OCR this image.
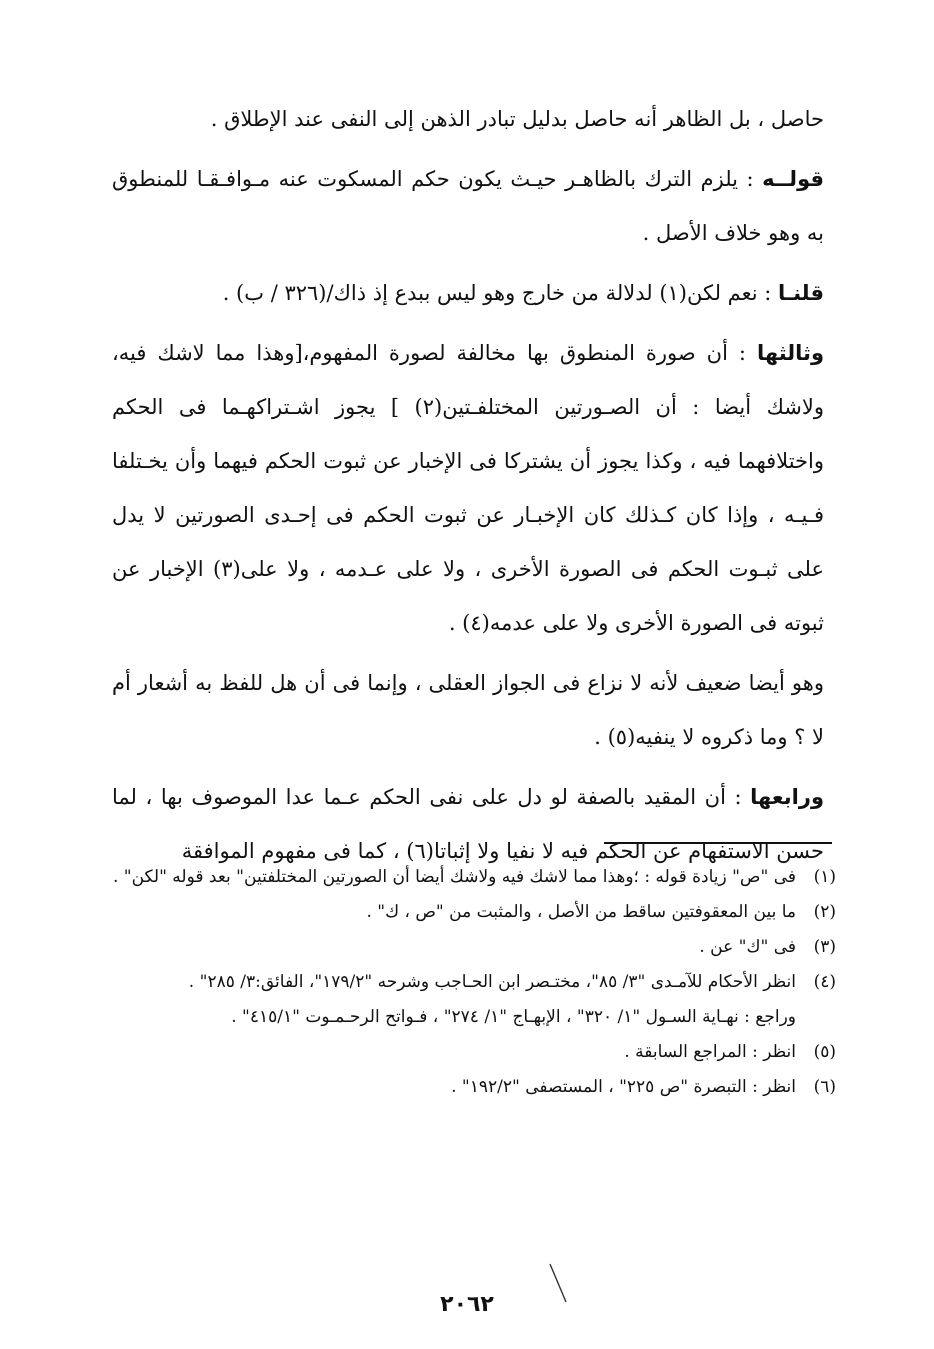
حاصل ، بل الظاهر أنه حاصل بدليل تبادر الذهن إلى النفى عند الإطلاق .

قولــه : يلزم الترك بالظاهـر حيـث يكون حكم المسكوت عنه مـوافـقـا للمنطوق به وهو خلاف الأصل .

قلنـا : نعم لكن(١) لدلالة من خارج وهو ليس ببدع إذ ذاك/(٣٢٦ / ب) .

وثالثها : أن صورة المنطوق بها مخالفة لصورة المفهوم،[وهذا مما لاشك فيه، ولاشك أيضا : أن الصـورتين المختلفـتين(٢) ] يجوز اشـتراكهـما فى الحكم واختلافهما فيه ، وكذا يجوز أن يشتركا فى الإخبار عن ثبوت الحكم فيهما وأن يخـتلفا فـيـه ، وإذا كان كـذلك كان الإخبـار عن ثبوت الحكم فى إحـدى الصورتين لا يدل على ثبـوت الحكم فى الصورة الأخرى ، ولا على عـدمه ، ولا على(٣) الإخبار عن ثبوته فى الصورة الأخرى ولا على عدمه(٤) .

وهو أيضا ضعيف لأنه لا نزاع فى الجواز العقلى ، وإنما فى أن هل للفظ به أشعار أم لا ؟ وما ذكروه لا ينفيه(٥) .

ورابعها : أن المقيد بالصفة لو دل على نفى الحكم عـما عدا الموصوف بها ، لما حسن الاستفهام عن الحكم فيه لا نفيا ولا إثباتا(٦) ، كما فى مفهوم الموافقة

(١)
فى "ص" زيادة قوله : ؛وهذا مما لاشك فيه ولاشك أيضا أن الصورتين المختلفتين" بعد قوله "لكن" .
(٢)
ما بين المعقوفتين ساقط من الأصل ، والمثبت من "ص ، ك" .
(٣)
فى "ك" عن .
(٤)
انظر الأحكام للآمـدى "٣/ ٨٥"، مختـصر ابن الحـاجب وشرحه "١٧٩/٢"، الفائق:٣/ ٢٨٥" .
وراجع : نهـاية السـول "١/ ٣٢٠" ، الإبهـاج "١/ ٢٧٤" ، فـواتح الرحـمـوت "٤١٥/١" .
(٥)
انظر : المراجع السابقة .
(٦)
انظر : التبصرة "ص ٢٢٥" ، المستصفى "١٩٢/٢" .
٢٠٦٢
